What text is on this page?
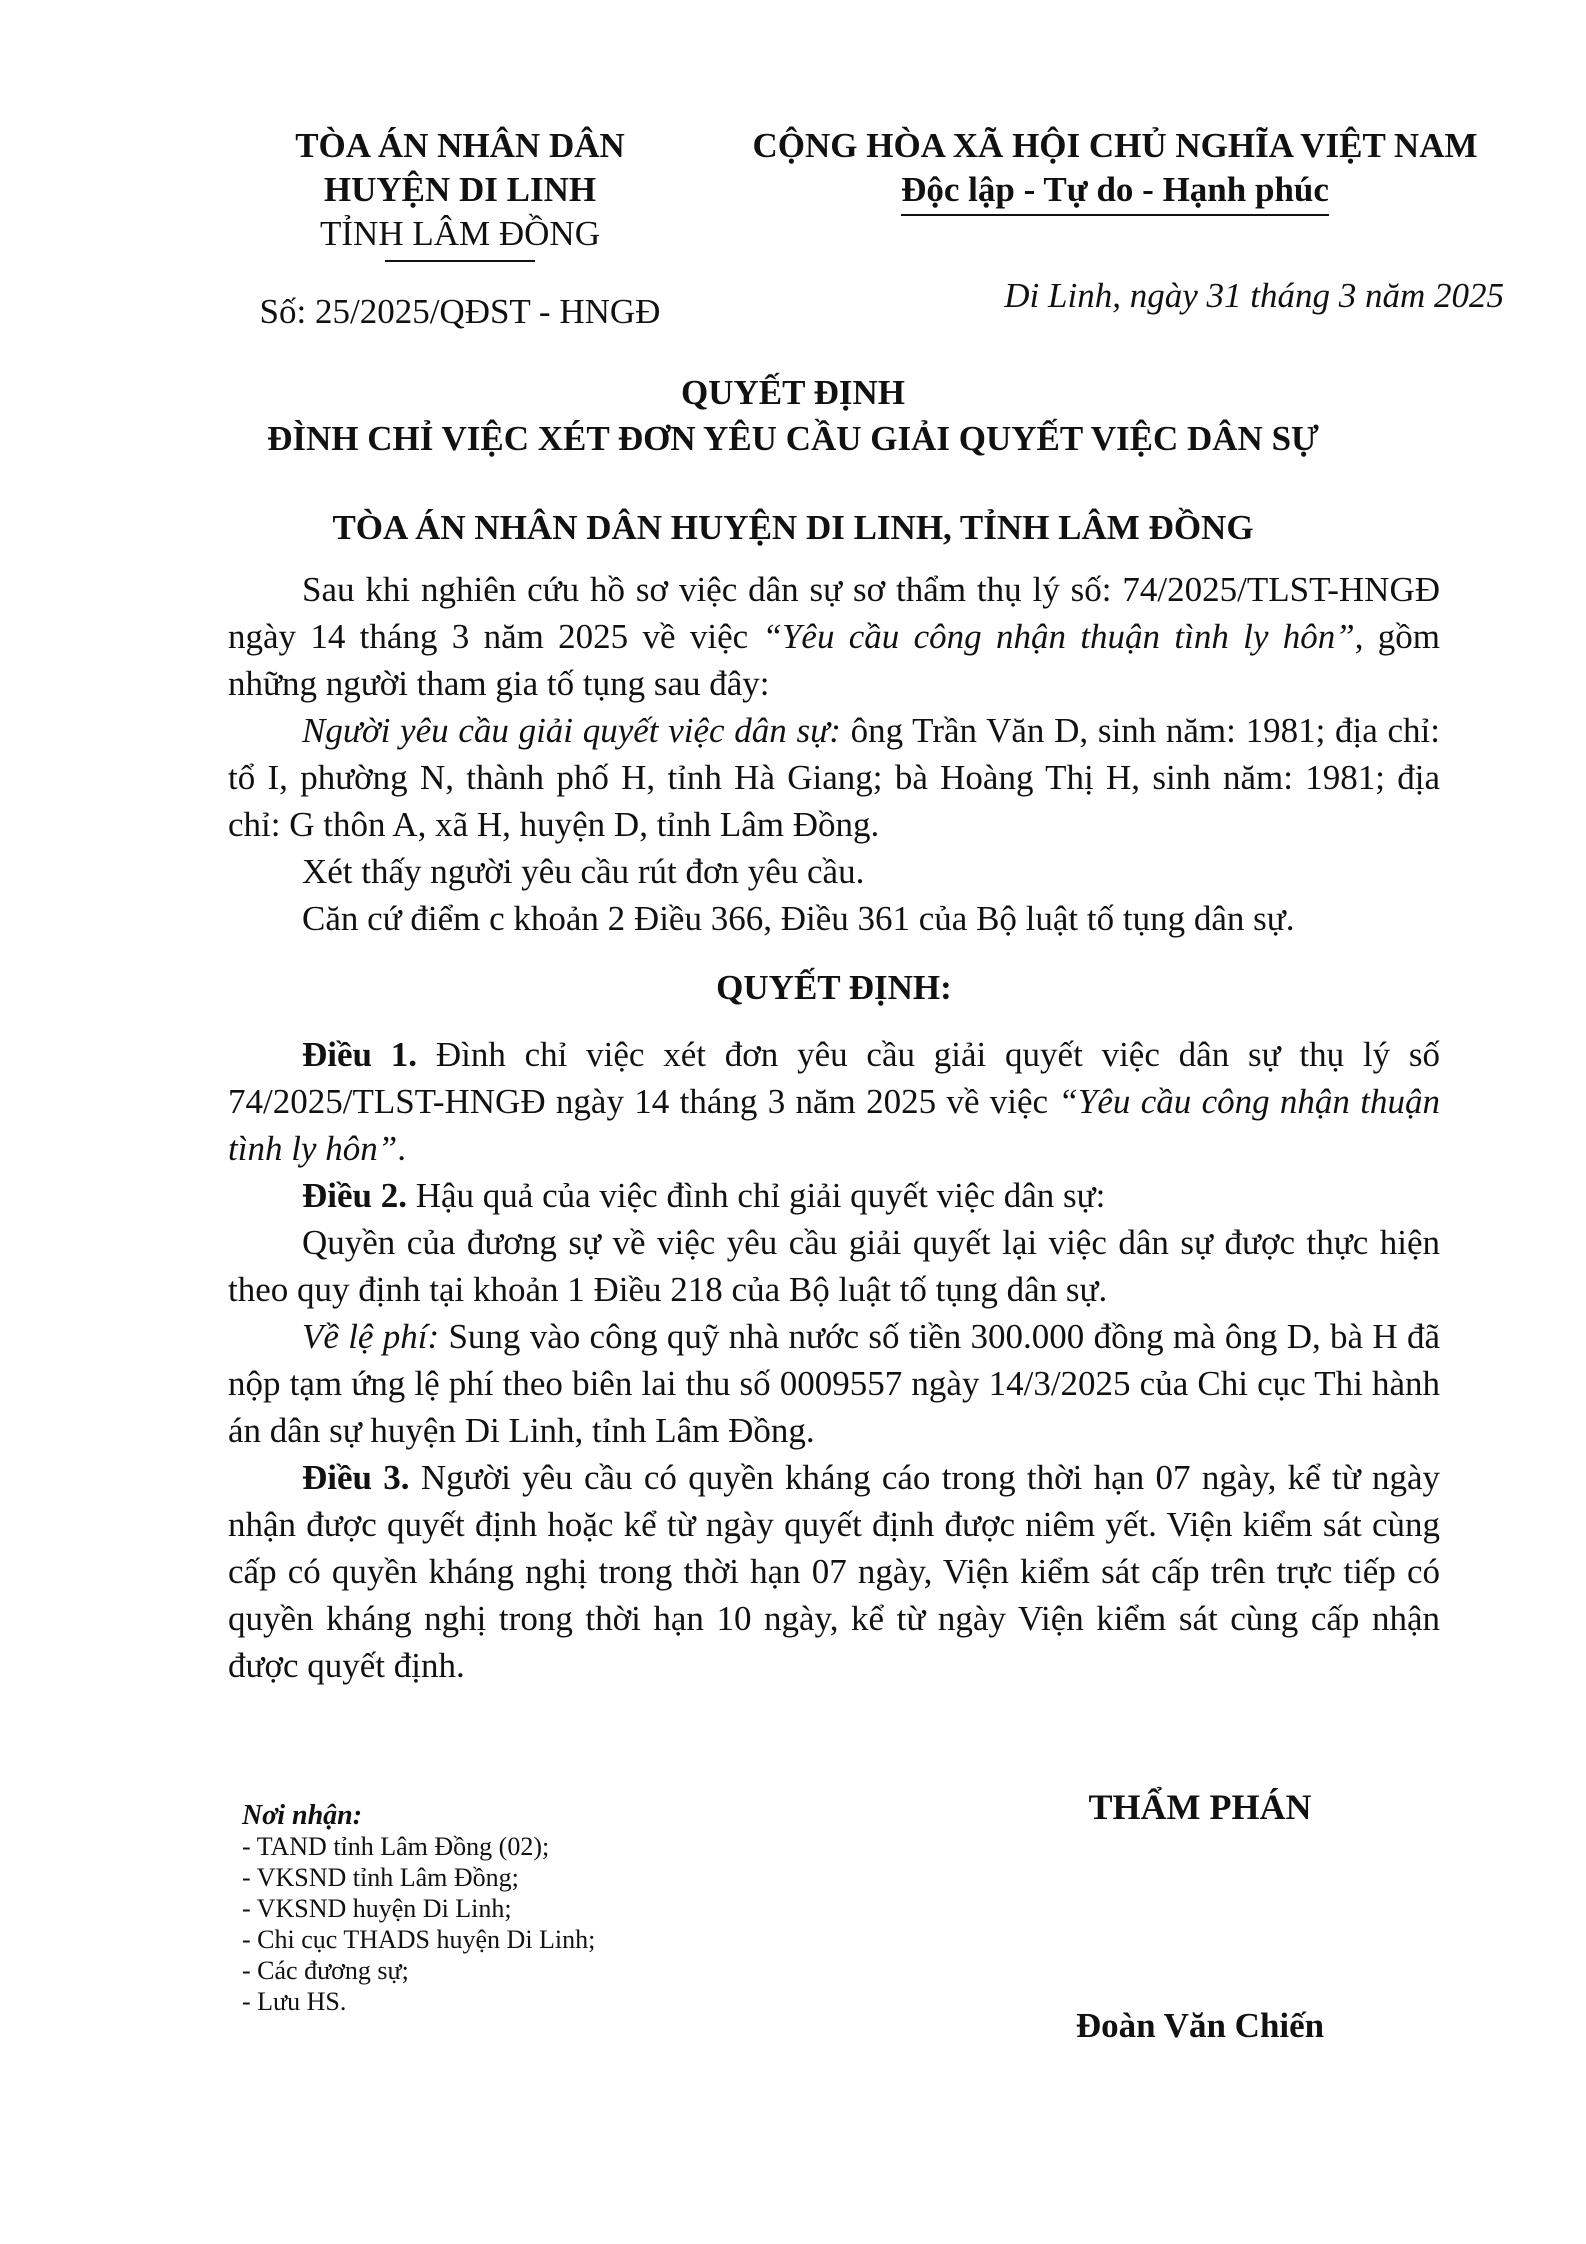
TÒA ÁN NHÂN DÂN
HUYỆN DI LINH
TỈNH LÂM ĐỒNG
Số: 25/2025/QĐST - HNGĐ
CỘNG HÒA XÃ HỘI CHỦ NGHĨA VIỆT NAM
Độc lập - Tự do - Hạnh phúc
Di Linh, ngày 31 tháng 3 năm 2025
QUYẾT ĐỊNH
ĐÌNH CHỈ VIỆC XÉT ĐƠN YÊU CẦU GIẢI QUYẾT VIỆC DÂN SỰ
TÒA ÁN NHÂN DÂN HUYỆN DI LINH, TỈNH LÂM ĐỒNG

Sau khi nghiên cứu hồ sơ việc dân sự sơ thẩm thụ lý số: 74/2025/TLST-HNGĐ ngày 14 tháng 3 năm 2025 về việc “Yêu cầu công nhận thuận tình ly hôn”, gồm những người tham gia tố tụng sau đây:

Người yêu cầu giải quyết việc dân sự: ông Trần Văn D, sinh năm: 1981; địa chỉ: tổ I, phường N, thành phố H, tỉnh Hà Giang; bà Hoàng Thị H, sinh năm: 1981; địa chỉ: G thôn A, xã H, huyện D, tỉnh Lâm Đồng.

Xét thấy người yêu cầu rút đơn yêu cầu.

Căn cứ điểm c khoản 2 Điều 366, Điều 361 của Bộ luật tố tụng dân sự.

QUYẾT ĐỊNH:

Điều 1. Đình chỉ việc xét đơn yêu cầu giải quyết việc dân sự thụ lý số 74/2025/TLST-HNGĐ ngày 14 tháng 3 năm 2025 về việc “Yêu cầu công nhận thuận tình ly hôn”.

Điều 2. Hậu quả của việc đình chỉ giải quyết việc dân sự:

Quyền của đương sự về việc yêu cầu giải quyết lại việc dân sự được thực hiện theo quy định tại khoản 1 Điều 218 của Bộ luật tố tụng dân sự.

Về lệ phí: Sung vào công quỹ nhà nước số tiền 300.000 đồng mà ông D, bà H đã nộp tạm ứng lệ phí theo biên lai thu số 0009557 ngày 14/3/2025 của Chi cục Thi hành án dân sự huyện Di Linh, tỉnh Lâm Đồng.

Điều 3. Người yêu cầu có quyền kháng cáo trong thời hạn 07 ngày, kể từ ngày nhận được quyết định hoặc kể từ ngày quyết định được niêm yết. Viện kiểm sát cùng cấp có quyền kháng nghị trong thời hạn 07 ngày, Viện kiểm sát cấp trên trực tiếp có quyền kháng nghị trong thời hạn 10 ngày, kể từ ngày Viện kiểm sát cùng cấp nhận được quyết định.

Nơi nhận:
- TAND tỉnh Lâm Đồng (02);
- VKSND tỉnh Lâm Đồng;
- VKSND huyện Di Linh;
- Chi cục THADS huyện Di Linh;
- Các đương sự;
- Lưu HS.
THẨM PHÁN
Đoàn Văn Chiến
